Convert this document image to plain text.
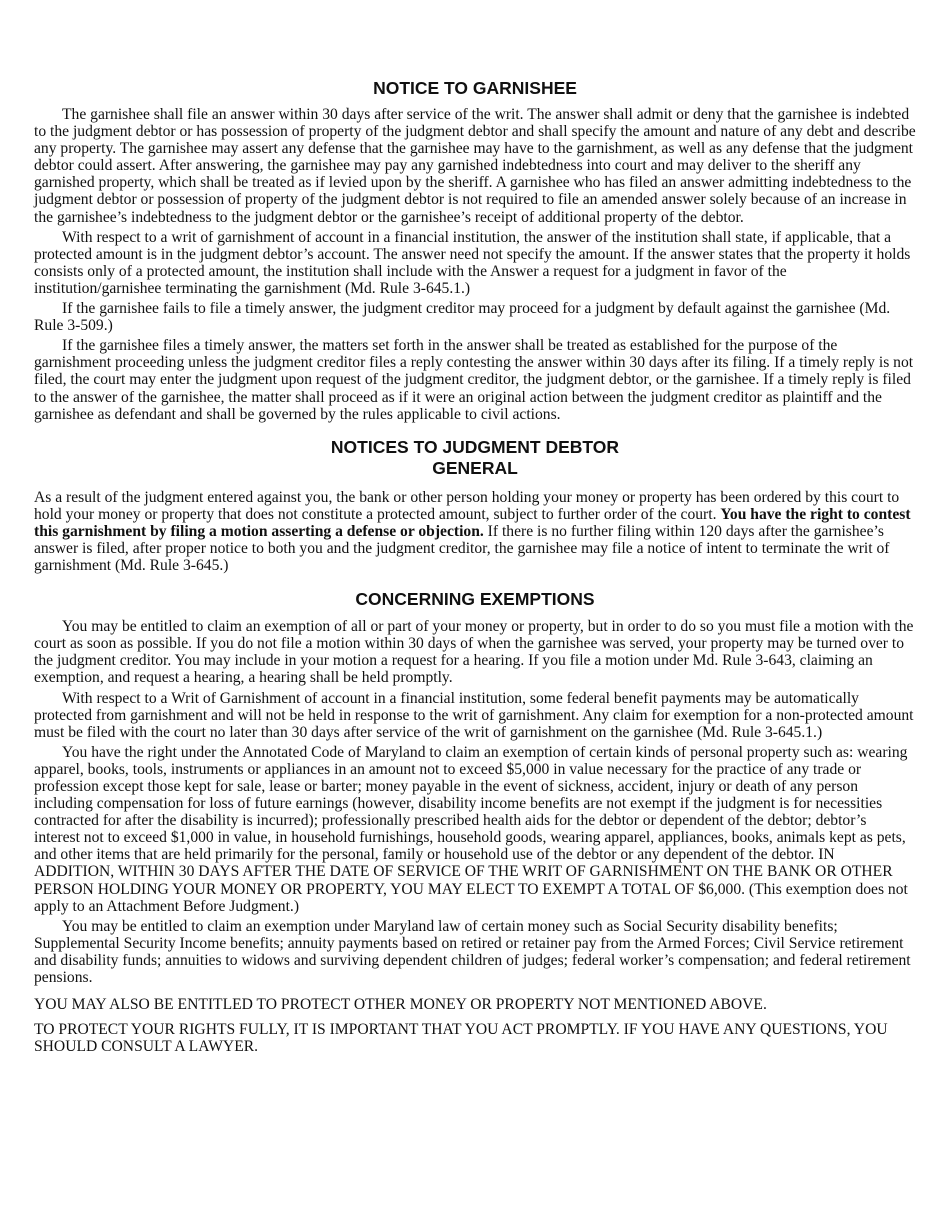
NOTICE TO GARNISHEE

The garnishee shall file an answer within 30 days after service of the writ. The answer shall admit or deny that the garnishee is indebted to the judgment debtor or has possession of property of the judgment debtor and shall specify the amount and nature of any debt and describe any property. The garnishee may assert any defense that the garnishee may have to the garnishment, as well as any defense that the judgment debtor could assert. After answering, the garnishee may pay any garnished indebtedness into court and may deliver to the sheriff any garnished property, which shall be treated as if levied upon by the sheriff. A garnishee who has filed an answer admitting indebtedness to the judgment debtor or possession of property of the judgment debtor is not required to file an amended answer solely because of an increase in the garnishee’s indebtedness to the judgment debtor or the garnishee’s receipt of additional property of the debtor.

With respect to a writ of garnishment of account in a financial institution, the answer of the institution shall state, if applicable, that a protected amount is in the judgment debtor’s account. The answer need not specify the amount. If the answer states that the property it holds consists only of a protected amount, the institution shall include with the Answer a request for a judgment in favor of the institution/garnishee terminating the garnishment (Md. Rule 3-645.1.)

If the garnishee fails to file a timely answer, the judgment creditor may proceed for a judgment by default against the garnishee (Md. Rule 3-509.)

If the garnishee files a timely answer, the matters set forth in the answer shall be treated as established for the purpose of the garnishment proceeding unless the judgment creditor files a reply contesting the answer within 30 days after its filing. If a timely reply is not filed, the court may enter the judgment upon request of the judgment creditor, the judgment debtor, or the garnishee. If a timely reply is filed to the answer of the garnishee, the matter shall proceed as if it were an original action between the judgment creditor as plaintiff and the garnishee as defendant and shall be governed by the rules applicable to civil actions.

NOTICES TO JUDGMENT DEBTOR
GENERAL

As a result of the judgment entered against you, the bank or other person holding your money or property has been ordered by this court to hold your money or property that does not constitute a protected amount, subject to further order of the court. You have the right to contest this garnishment by filing a motion asserting a defense or objection. If there is no further filing within 120 days after the garnishee’s answer is filed, after proper notice to both you and the judgment creditor, the garnishee may file a notice of intent to terminate the writ of garnishment (Md. Rule 3-645.)

CONCERNING EXEMPTIONS

You may be entitled to claim an exemption of all or part of your money or property, but in order to do so you must file a motion with the court as soon as possible. If you do not file a motion within 30 days of when the garnishee was served, your property may be turned over to the judgment creditor. You may include in your motion a request for a hearing. If you file a motion under Md. Rule 3-643, claiming an exemption, and request a hearing, a hearing shall be held promptly.

With respect to a Writ of Garnishment of account in a financial institution, some federal benefit payments may be automatically protected from garnishment and will not be held in response to the writ of garnishment. Any claim for exemption for a non-protected amount must be filed with the court no later than 30 days after service of the writ of garnishment on the garnishee (Md. Rule 3-645.1.)

You have the right under the Annotated Code of Maryland to claim an exemption of certain kinds of personal property such as: wearing apparel, books, tools, instruments or appliances in an amount not to exceed $5,000 in value necessary for the practice of any trade or profession except those kept for sale, lease or barter; money payable in the event of sickness, accident, injury or death of any person including compensation for loss of future earnings (however, disability income benefits are not exempt if the judgment is for necessities contracted for after the disability is incurred); professionally prescribed health aids for the debtor or dependent of the debtor; debtor’s interest not to exceed $1,000 in value, in household furnishings, household goods, wearing apparel, appliances, books, animals kept as pets, and other items that are held primarily for the personal, family or household use of the debtor or any dependent of the debtor. IN ADDITION, WITHIN 30 DAYS AFTER THE DATE OF SERVICE OF THE WRIT OF GARNISHMENT ON THE BANK OR OTHER PERSON HOLDING YOUR MONEY OR PROPERTY, YOU MAY ELECT TO EXEMPT A TOTAL OF $6,000. (This exemption does not apply to an Attachment Before Judgment.)

You may be entitled to claim an exemption under Maryland law of certain money such as Social Security disability benefits; Supplemental Security Income benefits; annuity payments based on retired or retainer pay from the Armed Forces; Civil Service retirement and disability funds; annuities to widows and surviving dependent children of judges; federal worker’s compensation; and federal retirement pensions.

YOU MAY ALSO BE ENTITLED TO PROTECT OTHER MONEY OR PROPERTY NOT MENTIONED ABOVE.

TO PROTECT YOUR RIGHTS FULLY, IT IS IMPORTANT THAT YOU ACT PROMPTLY. IF YOU HAVE ANY QUESTIONS, YOU SHOULD CONSULT A LAWYER.
